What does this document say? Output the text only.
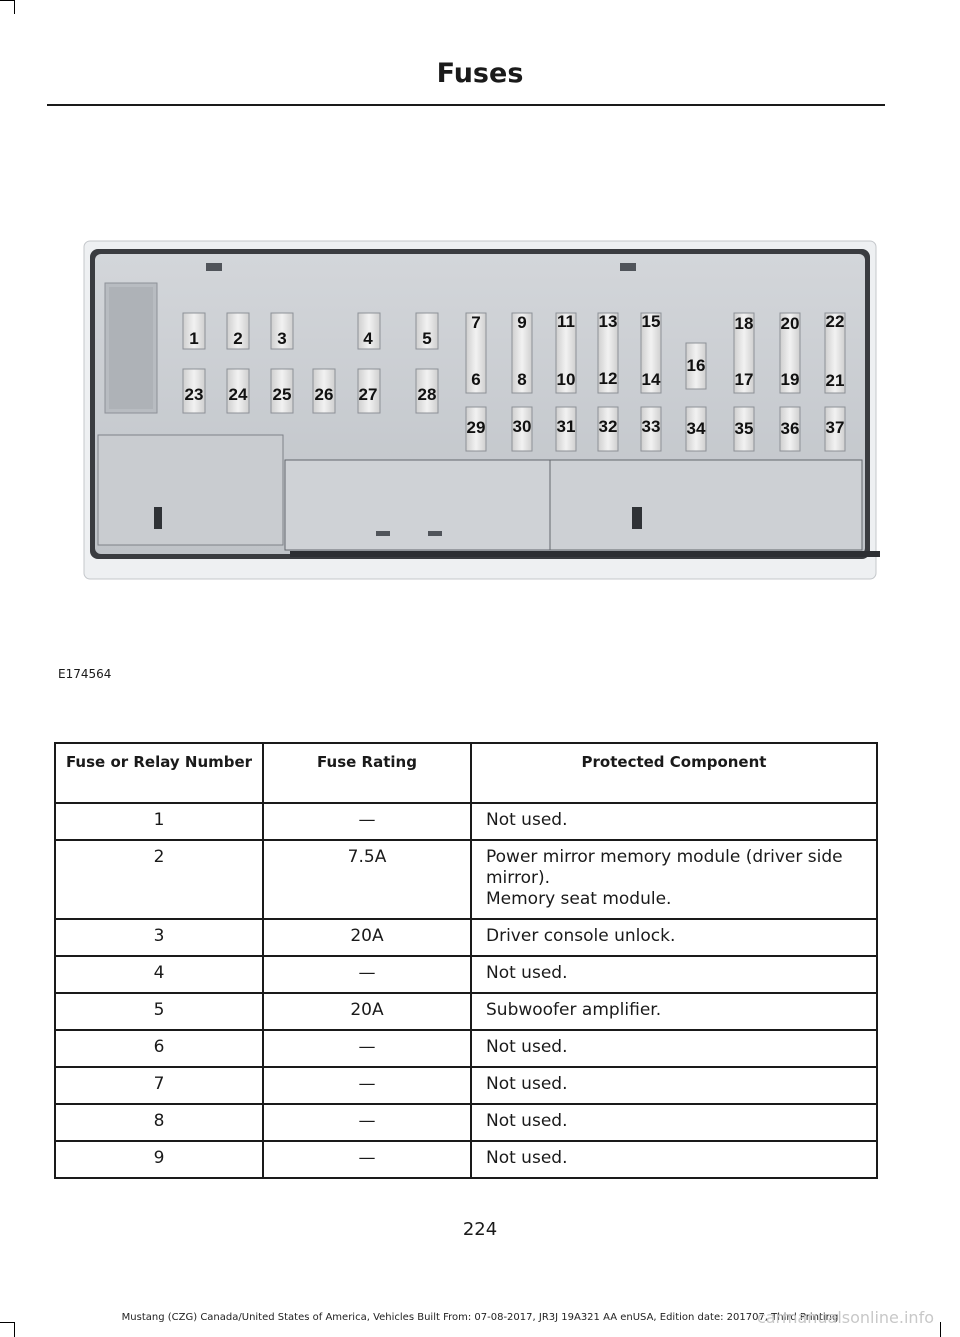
Fuses
1 2 3	4	5
7 9 11 13 15	18 20 22
23 24 25 26 27 28
6 8 10 12 14
16
17 19 21
29 30 31 32 33 34 35 36 37
E174564
Fuse or Relay Number	Fuse Rating	Protected Component
1	—	Not used.
2	7.5A	Power mirror memory module (driver side mirror).
Memory seat module.

3	20A	Driver console unlock.
4	—	Not used.
5	20A	Subwoofer amplifier.
6	—	Not used.
7	—	Not used.
8	—	Not used.
9	—	Not used.
224
Mustang (CZG) Canada/United States of America, Vehicles Built From: 07-08-2017, JR3J 19A321 AA enUSA, Edition date: 201707, Third Printing
carmanualsonline.info
